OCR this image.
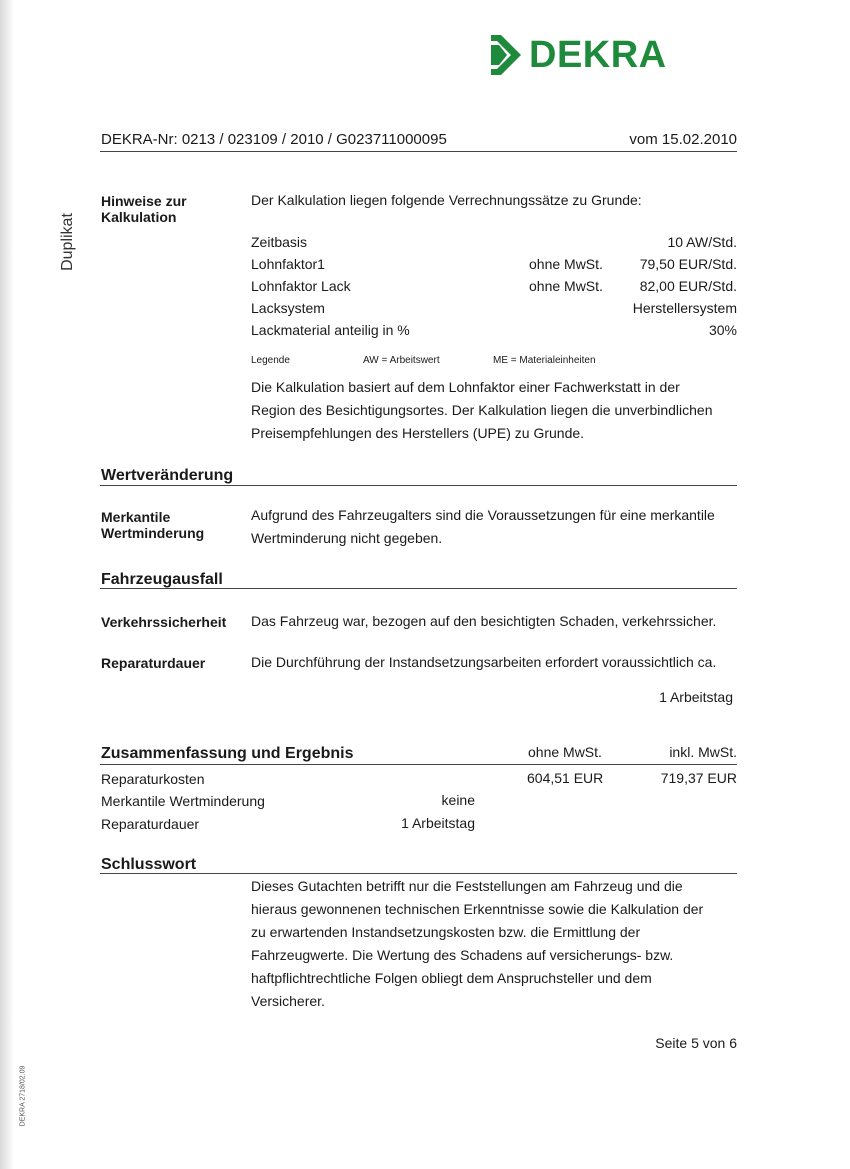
DEKRA
Duplikat
DEKRA 2718/02.09
DEKRA-Nr: 0213 / 023109 / 2010 / G023711000095	vom 15.02.2010
Hinweise zur
Kalkulation
Der Kalkulation liegen folgende Verrechnungssätze zu Grunde:
Zeitbasis	10 AW/Std.
Lohnfaktor1	ohne MwSt.	79,50 EUR/Std.
Lohnfaktor Lack	ohne MwSt.	82,00 EUR/Std.
Lacksystem	Herstellersystem
Lackmaterial anteilig in %	30%
Legende	AW = Arbeitswert	ME = Materialeinheiten
Die Kalkulation basiert auf dem Lohnfaktor einer Fachwerkstatt in der
Region des Besichtigungsortes. Der Kalkulation liegen die unverbindlichen
Preisempfehlungen des Herstellers (UPE) zu Grunde.
Wertveränderung
Merkantile
Wertminderung
Aufgrund des Fahrzeugalters sind die Voraussetzungen für eine merkantile
Wertminderung nicht gegeben.
Fahrzeugausfall
Verkehrssicherheit Das Fahrzeug war, bezogen auf den besichtigten Schaden, verkehrssicher.
Reparaturdauer	Die Durchführung der Instandsetzungsarbeiten erfordert voraussichtlich ca.
1 Arbeitstag
Zusammenfassung und Ergebnis	ohne MwSt.	inkl. MwSt.
Reparaturkosten	604,51 EUR	719,37 EUR
Merkantile Wertminderung	keine
Reparaturdauer	1 Arbeitstag
Schlusswort
Dieses Gutachten betrifft nur die Feststellungen am Fahrzeug und die
hieraus gewonnenen technischen Erkenntnisse sowie die Kalkulation der
zu erwartenden Instandsetzungskosten bzw. die Ermittlung der
Fahrzeugwerte. Die Wertung des Schadens auf versicherungs- bzw.
haftpflichtrechtliche Folgen obliegt dem Anspruchsteller und dem
Versicherer.
Seite 5 von 6
